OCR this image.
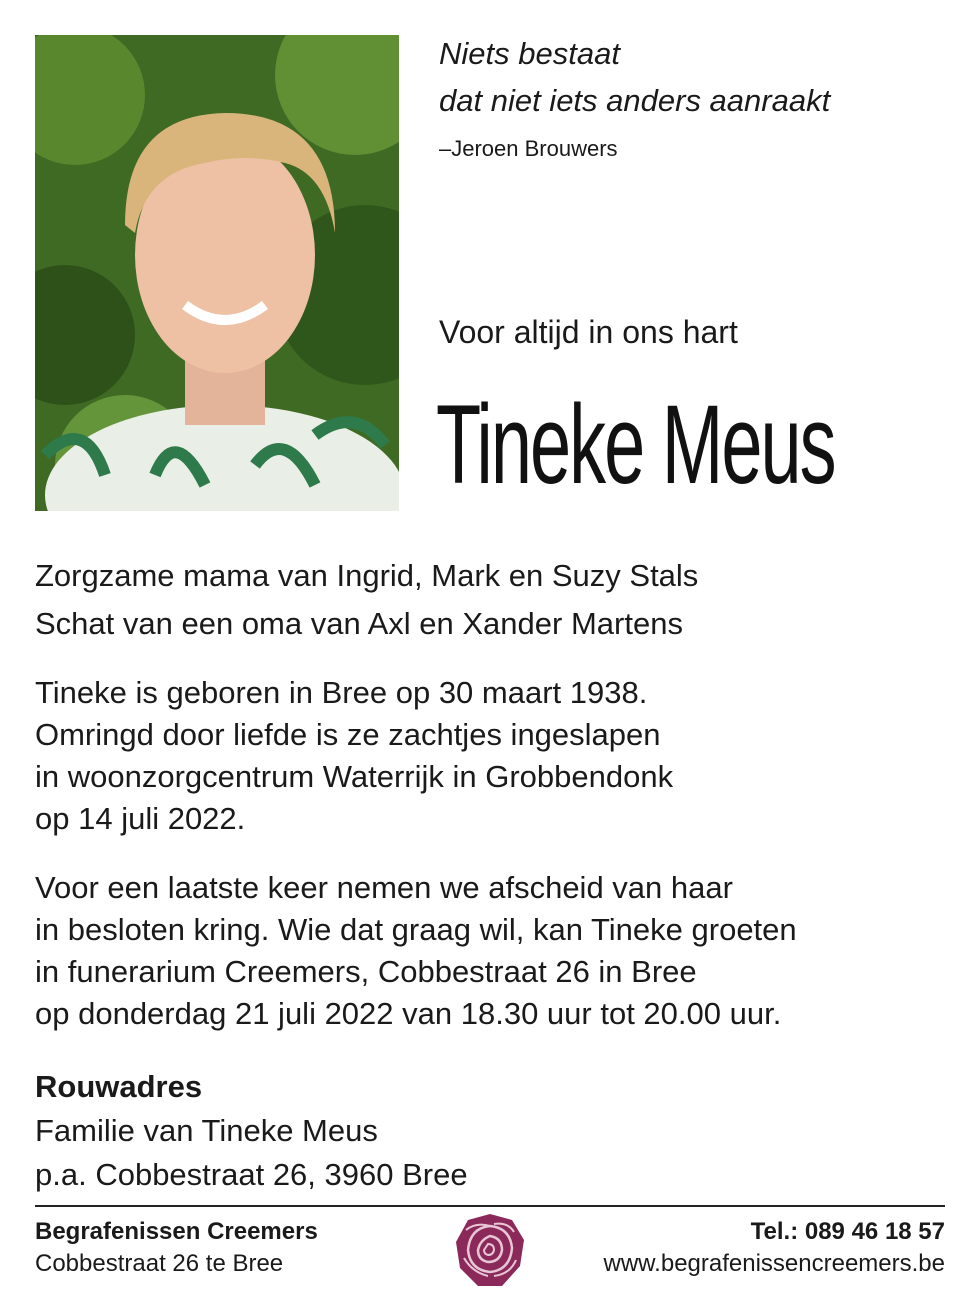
Niets bestaat
dat niet iets anders aanraakt
–Jeroen Brouwers
Voor altijd in ons hart
Tineke Meus

Zorgzame mama van Ingrid, Mark en Suzy Stals

Schat van een oma van Axl en Xander Martens

Tineke is geboren in Bree op 30 maart 1938.

Omringd door liefde is ze zachtjes ingeslapen

in woonzorgcentrum Waterrijk in Grobbendonk

op 14 juli 2022.

Voor een laatste keer nemen we afscheid van haar

in besloten kring. Wie dat graag wil, kan Tineke groeten

in funerarium Creemers, Cobbestraat 26 in Bree

op donderdag 21 juli 2022 van 18.30 uur tot 20.00 uur.

Rouwadres

Familie van Tineke Meus

p.a. Cobbestraat 26, 3960 Bree

Begrafenissen Creemers
Cobbestraat 26 te Bree
Tel.: 089 46 18 57
www.begrafenissencreemers.be
